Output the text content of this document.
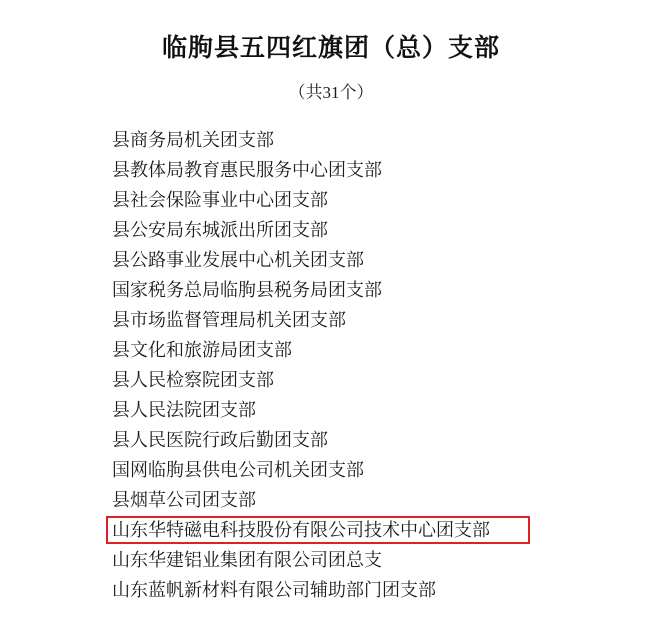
临朐县五四红旗团（总）支部

（共31个）

县商务局机关团支部
县教体局教育惠民服务中心团支部
县社会保险事业中心团支部
县公安局东城派出所团支部
县公路事业发展中心机关团支部
国家税务总局临朐县税务局团支部
县市场监督管理局机关团支部
县文化和旅游局团支部
县人民检察院团支部
县人民法院团支部
县人民医院行政后勤团支部
国网临朐县供电公司机关团支部
县烟草公司团支部
山东华特磁电科技股份有限公司技术中心团支部
山东华建铝业集团有限公司团总支
山东蓝帆新材料有限公司辅助部门团支部
